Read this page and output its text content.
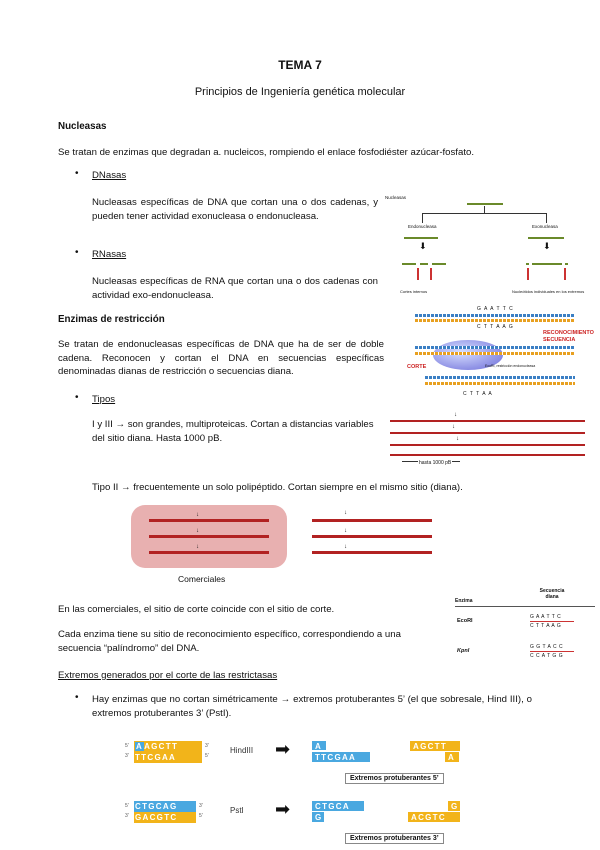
TEMA 7
Principios de Ingeniería genética molecular
Nucleasas
Se tratan de enzimas que degradan a. nucleicos, rompiendo el enlace fosfodiéster azúcar-fosfato.
• DNasas
Nucleasas específicas de DNA que cortan una o dos cadenas, y pueden tener actividad exonucleasa o endonucleasa.
• RNasas
Nucleasas específicas de RNA que cortan una o dos cadenas con actividad exo-endonucleasa.
Nucleasas
Endonucleasa	Exonucleasa
⬇	⬇
Cortes internos	Nucleótidos individuales en los extremos
Enzimas de restricción
Se tratan de endonucleasas específicas de DNA que ha de ser de doble cadena. Reconocen y cortan el DNA en secuencias específicas denominadas dianas de restricción o secuencias diana.
G A A T T C
C T T A A G
RECONOCIMIENTO SECUENCIA
CORTE	EcoRI, restricción endonucleasa
C T T A A
• Tipos
I y III → son grandes, multiproteicas. Cortan a distancias variables del sitio diana. Hasta 1000 pB.
↓
↓
↓
hasta 1000 pB
Tipo II → frecuentemente un solo polipéptido. Cortan siempre en el mismo sitio (diana).
↓
↓
↓
Comerciales
↓
↓
↓
En las comerciales, el sitio de corte coincide con el sitio de corte.
Cada enzima tiene su sitio de reconocimiento específico, correspondiendo a una secuencia “palíndromo” del DNA.
Enzima
Secuencia diana
EcoRI
G A A T T C
C T T A A G
KpnI
G G T A C C
C C A T G G
Extremos generados por el corte de las restrictasas
• Hay enzimas que no cortan simétricamente → extremos protuberantes 5’ (el que sobresale, Hind III), o extremos protuberantes 3’ (PstI).
5'
3'
AAGCTT
TTCGAA
3'
5'
HindIII ➡	A
TTCGAA
AGCTT
A
Extremos protuberantes 5’
5'
3'
CTGCAG
GACGTC
3'
5'
PstI ➡	CTGCA
G
G
ACGTC
Extremos protuberantes 3’
